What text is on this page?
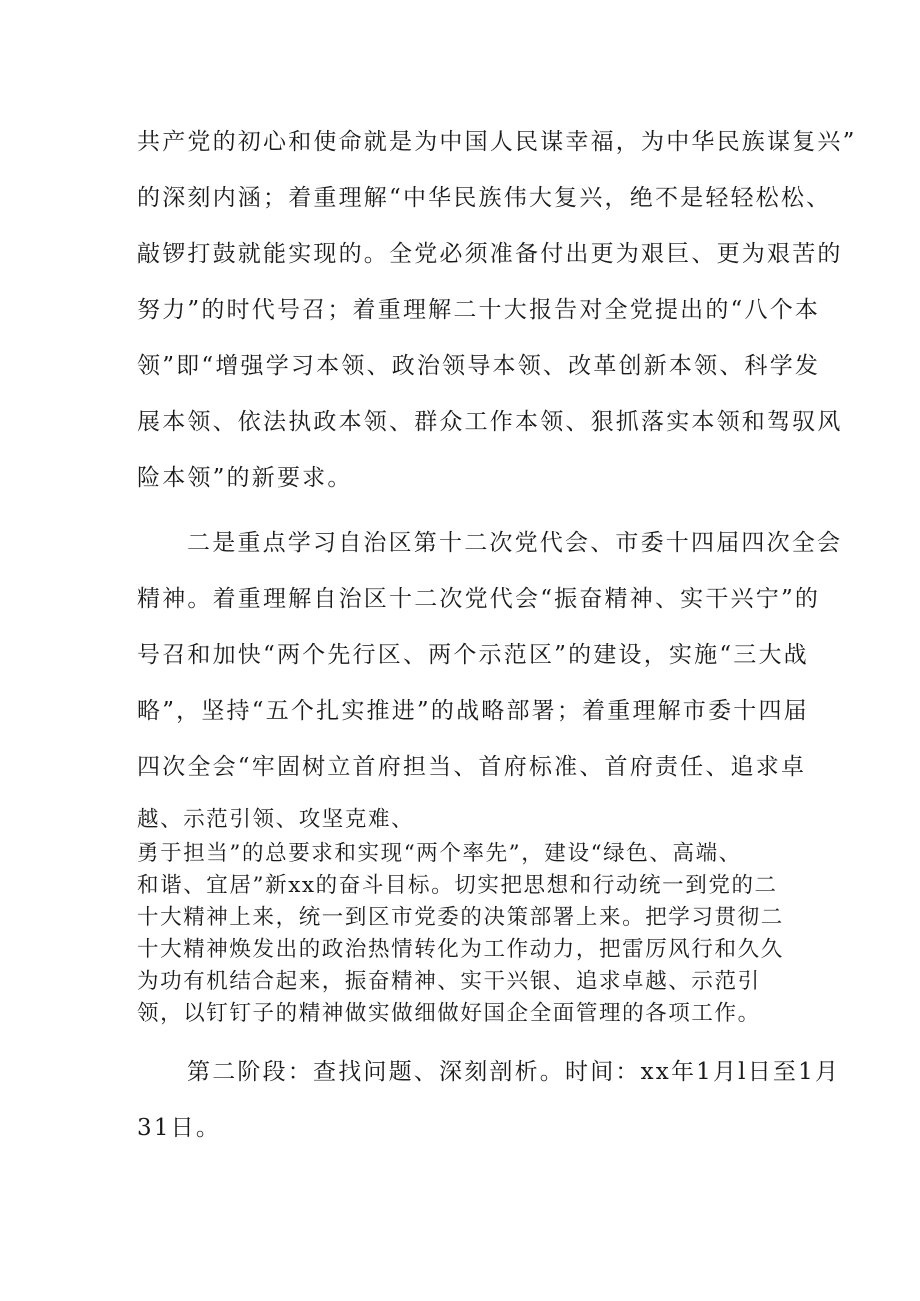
共产党的初心和使命就是为中国人民谋幸福，为中华民族谋复兴”
的深刻内涵；着重理解“中华民族伟大复兴，绝不是轻轻松松、
敲锣打鼓就能实现的。全党必须准备付出更为艰巨、更为艰苦的
努力”的时代号召；着重理解二十大报告对全党提出的“八个本
领”即“增强学习本领、政治领导本领、改革创新本领、科学发
展本领、依法执政本领、群众工作本领、狠抓落实本领和驾驭风
险本领”的新要求。
二是重点学习自治区第十二次党代会、市委十四届四次全会
精神。着重理解自治区十二次党代会“振奋精神、实干兴宁”的
号召和加快“两个先行区、两个示范区”的建设，实施“三大战
略”，坚持“五个扎实推进”的战略部署；着重理解市委十四届
四次全会“牢固树立首府担当、首府标准、首府责任、追求卓
越、示范引领、攻坚克难、
勇于担当”的总要求和实现“两个率先”，建设“绿色、高端、
和谐、宜居”新xx的奋斗目标。切实把思想和行动统一到党的二
十大精神上来，统一到区市党委的决策部署上来。把学习贯彻二
十大精神焕发出的政治热情转化为工作动力，把雷厉风行和久久
为功有机结合起来，振奋精神、实干兴银、追求卓越、示范引
领，以钉钉子的精神做实做细做好国企全面管理的各项工作。
第二阶段：查找问题、深刻剖析。时间：xx年1月l日至1月
31日。
